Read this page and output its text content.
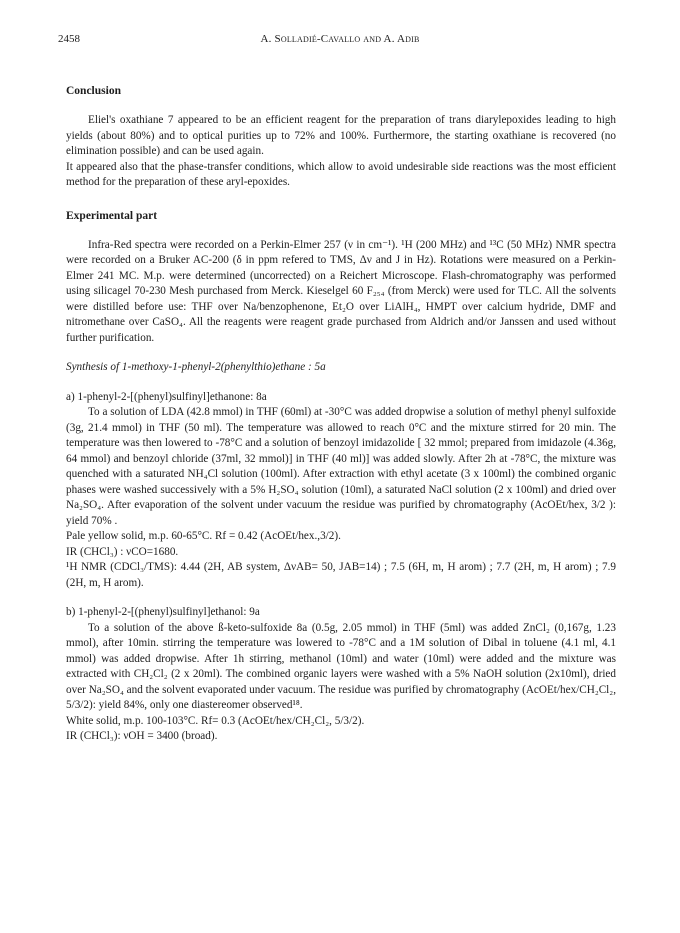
2458	A. Solladié-Cavallo and A. Adib
Conclusion

Eliel's oxathiane 7 appeared to be an efficient reagent for the preparation of trans diarylepoxides leading to high yields (about 80%) and to optical purities up to 72% and 100%. Furthermore, the starting oxathiane is recovered (no elimination possible) and can be used again.

It appeared also that the phase-transfer conditions, which allow to avoid undesirable side reactions was the most efficient method for the preparation of these aryl-epoxides.

Experimental part

Infra-Red spectra were recorded on a Perkin-Elmer 257 (ν in cm⁻¹). ¹H (200 MHz) and ¹³C (50 MHz) NMR spectra were recorded on a Bruker AC-200 (δ in ppm refered to TMS, Δν and J in Hz). Rotations were measured on a Perkin-Elmer 241 MC. M.p. were determined (uncorrected) on a Reichert Microscope. Flash-chromatography was performed using silicagel 70-230 Mesh purchased from Merck. Kieselgel 60 F₂₅₄ (from Merck) were used for TLC. All the solvents were distilled before use: THF over Na/benzophenone, Et₂O over LiAlH₄, HMPT over calcium hydride, DMF and nitromethane over CaSO₄. All the reagents were reagent grade purchased from Aldrich and/or Janssen and used without further purification.

Synthesis of 1-methoxy-1-phenyl-2(phenylthio)ethane : 5a

a) 1-phenyl-2-[(phenyl)sulfinyl]ethanone: 8a

To a solution of LDA (42.8 mmol) in THF (60ml) at -30°C was added dropwise a solution of methyl phenyl sulfoxide (3g, 21.4 mmol) in THF (50 ml). The temperature was allowed to reach 0°C and the mixture stirred for 20 min. The temperature was then lowered to -78°C and a solution of benzoyl imidazolide [ 32 mmol; prepared from imidazole (4.36g, 64 mmol) and benzoyl chloride (37ml, 32 mmol)] in THF (40 ml)] was added slowly. After 2h at -78°C, the mixture was quenched with a saturated NH₄Cl solution (100ml). After extraction with ethyl acetate (3 x 100ml) the combined organic phases were washed successively with a 5% H₂SO₄ solution (10ml), a saturated NaCl solution (2 x 100ml) and dried over Na₂SO₄. After evaporation of the solvent under vacuum the residue was purified by chromatography (AcOEt/hex, 3/2 ): yield 70% .

Pale yellow solid, m.p. 60-65°C. Rf = 0.42 (AcOEt/hex.,3/2).

IR (CHCl₃) : νCO=1680.

¹H NMR (CDCl₃/TMS): 4.44 (2H, AB system, ΔνAB= 50, JAB=14) ; 7.5 (6H, m, H arom) ; 7.7 (2H, m, H arom) ; 7.9 (2H, m, H arom).

b) 1-phenyl-2-[(phenyl)sulfinyl]ethanol: 9a

To a solution of the above ß-keto-sulfoxide 8a (0.5g, 2.05 mmol) in THF (5ml) was added ZnCl₂ (0,167g, 1.23 mmol), after 10min. stirring the temperature was lowered to -78°C and a 1M solution of Dibal in toluene (4.1 ml, 4.1 mmol) was added dropwise. After 1h stirring, methanol (10ml) and water (10ml) were added and the mixture was extracted with CH₂Cl₂ (2 x 20ml). The combined organic layers were washed with a 5% NaOH solution (2x10ml), dried over Na₂SO₄ and the solvent evaporated under vacuum. The residue was purified by chromatography (AcOEt/hex/CH₂Cl₂, 5/3/2): yield 84%, only one diastereomer observed¹⁸.

White solid, m.p. 100-103°C. Rf= 0.3 (AcOEt/hex/CH₂Cl₂, 5/3/2).

IR (CHCl₃): νOH = 3400 (broad).
